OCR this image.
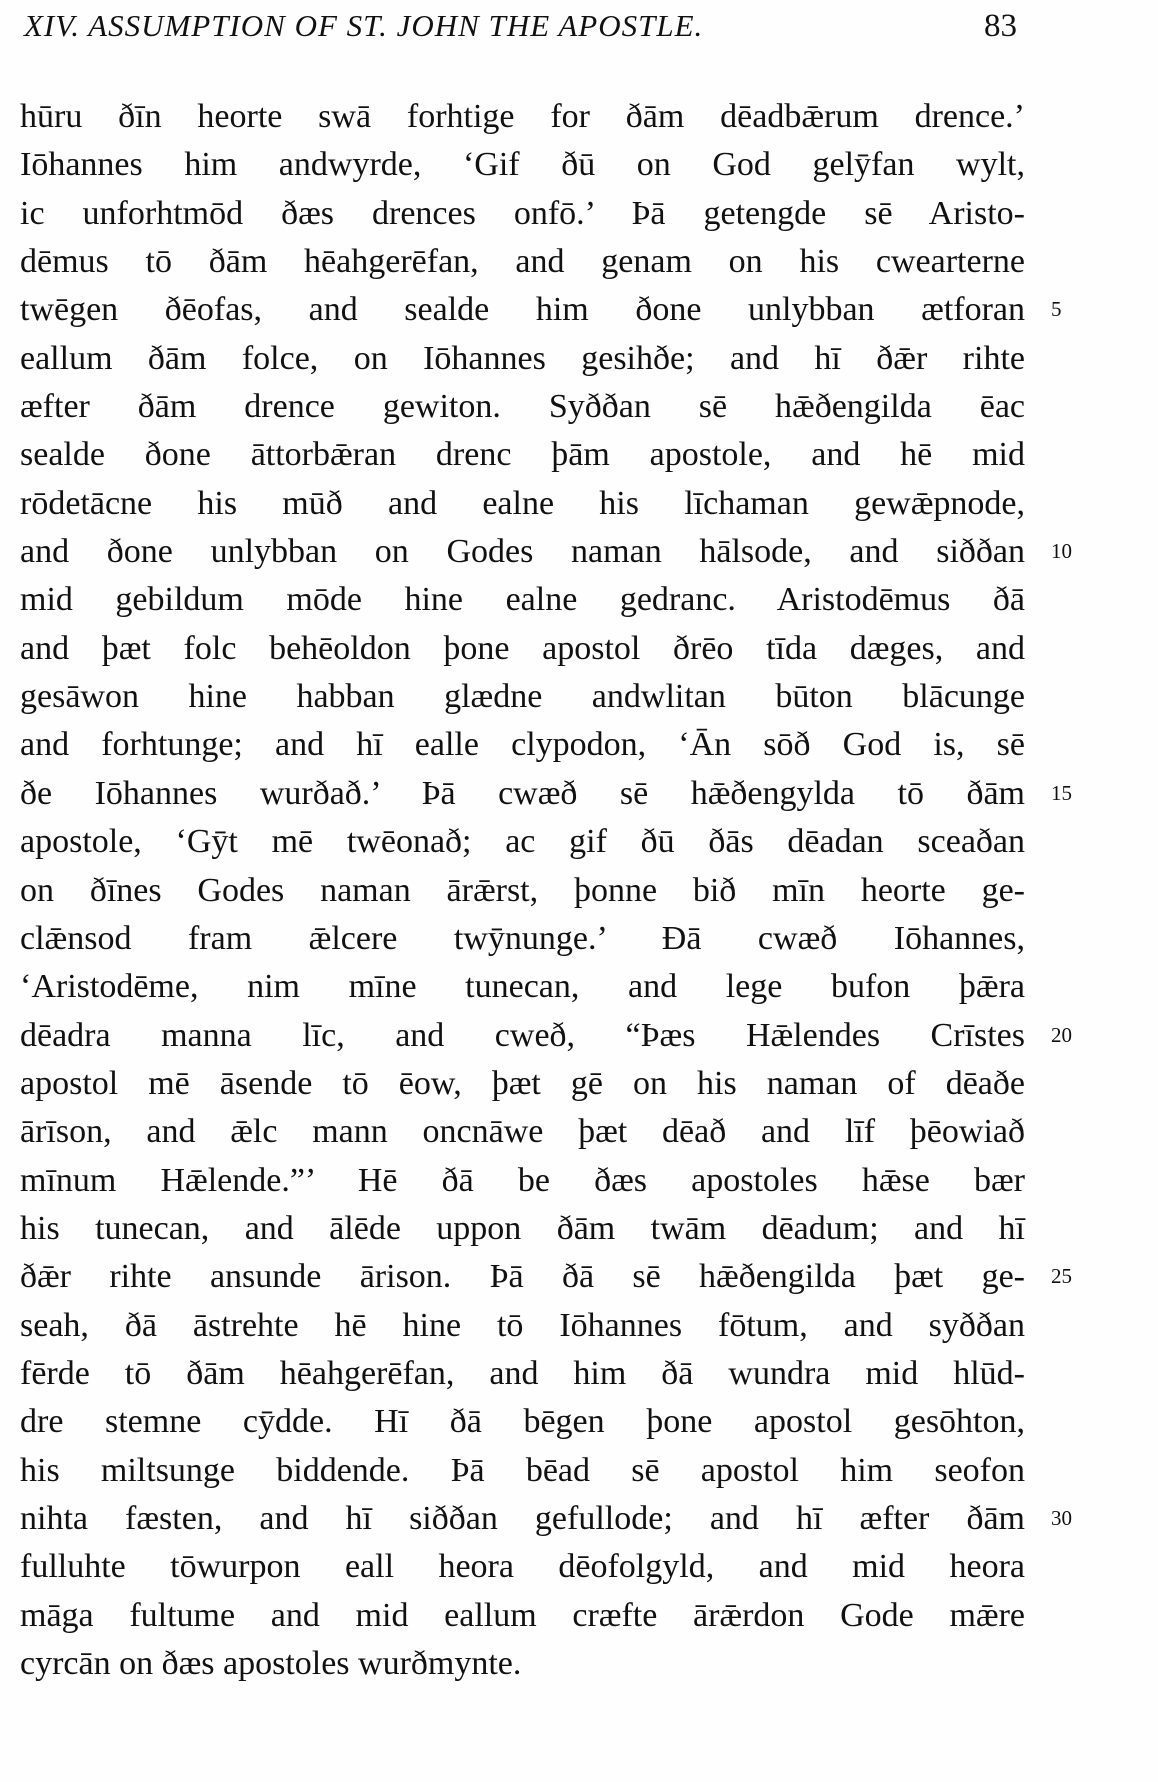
XIV. ASSUMPTION OF ST. JOHN THE APOSTLE.	83
hūru ðīn heorte swā forhtige for ðām dēadbǣrum drence.’
Iōhannes him andwyrde, ‘Gif ðū on God gelȳfan wylt,
ic unforhtmōd ðæs drences onfō.’ Þā getengde sē Aristo-
dēmus tō ðām hēahgerēfan, and genam on his cwearterne
twēgen ðēofas, and sealde him ðone unlybban ætforan 5
eallum ðām folce, on Iōhannes gesihðe; and hī ðǣr rihte
æfter ðām drence gewiton. Syððan sē hǣðengilda ēac
sealde ðone āttorbǣran drenc þām apostole, and hē mid
rōdetācne his mūð and ealne his līchaman gewǣpnode,
and ðone unlybban on Godes naman hālsode, and siððan 10
mid gebildum mōde hine ealne gedranc. Aristodēmus ðā
and þæt folc behēoldon þone apostol ðrēo tīda dæges, and
gesāwon hine habban glædne andwlitan būton blācunge
and forhtunge; and hī ealle clypodon, ‘Ān sōð God is, sē
ðe Iōhannes wurðað.’ Þā cwæð sē hǣðengylda tō ðām 15
apostole, ‘Gȳt mē twēonað; ac gif ðū ðās dēadan sceaðan
on ðīnes Godes naman ārǣrst, þonne bið mīn heorte ge-
clǣnsod fram ǣlcere twȳnunge.’ Ðā cwæð Iōhannes,
‘Aristodēme, nim mīne tunecan, and lege bufon þǣra
dēadra manna līc, and cweð, “Þæs Hǣlendes Crīstes 20
apostol mē āsende tō ēow, þæt gē on his naman of dēaðe
ārīson, and ǣlc mann oncnāwe þæt dēað and līf þēowiað
mīnum Hǣlende.”’ Hē ðā be ðæs apostoles hǣse bær
his tunecan, and ālēde uppon ðām twām dēadum; and hī
ðǣr rihte ansunde ārison. Þā ðā sē hǣðengilda þæt ge- 25
seah, ðā āstrehte hē hine tō Iōhannes fōtum, and syððan
fērde tō ðām hēahgerēfan, and him ðā wundra mid hlūd-
dre stemne cȳdde. Hī ðā bēgen þone apostol gesōhton,
his miltsunge biddende. Þā bēad sē apostol him seofon
nihta fæsten, and hī siððan gefullode; and hī æfter ðām 30
fulluhte tōwurpon eall heora dēofolgyld, and mid heora
māga fultume and mid eallum cræfte ārǣrdon Gode mǣre
cyrcān on ðæs apostoles wurðmynte.
